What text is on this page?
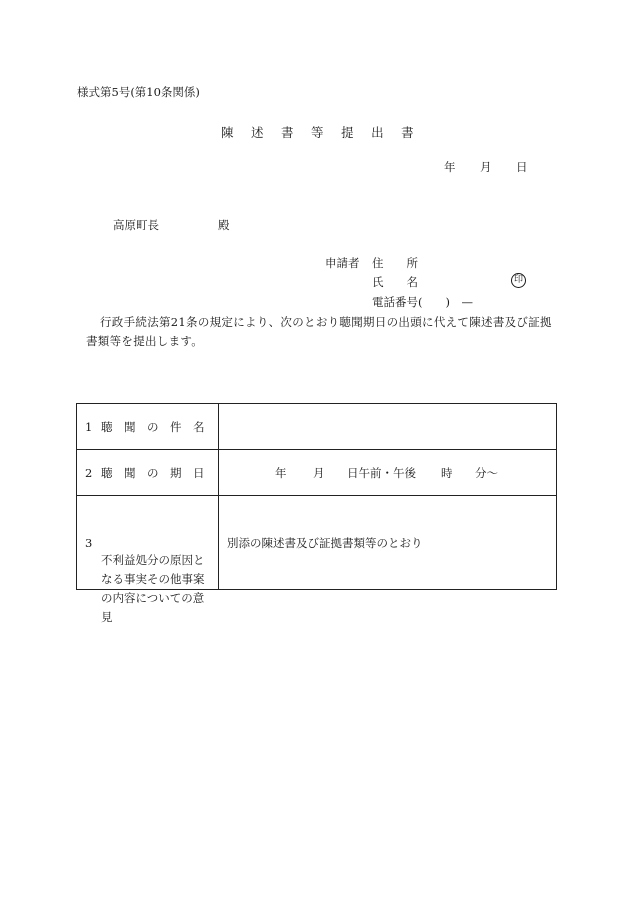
様式第5号(第10条関係)
陳 述 書 等 提 出 書
年 月 日
高原町長	殿
申請者 住　　所
氏　　名	印
電話番号(　　)　—
行政手続法第21条の規定により、次のとおり聴聞期日の出頭に代えて陳述書及び証拠書類等を提出します。
1 聴 聞 の 件 名	

2 聴 聞 の 期 日	年 月 日午前・午後 時 分〜

3
不利益処分の原因と
なる事実その他事案
の内容についての意
見	別添の陳述書及び証拠書類等のとおり
